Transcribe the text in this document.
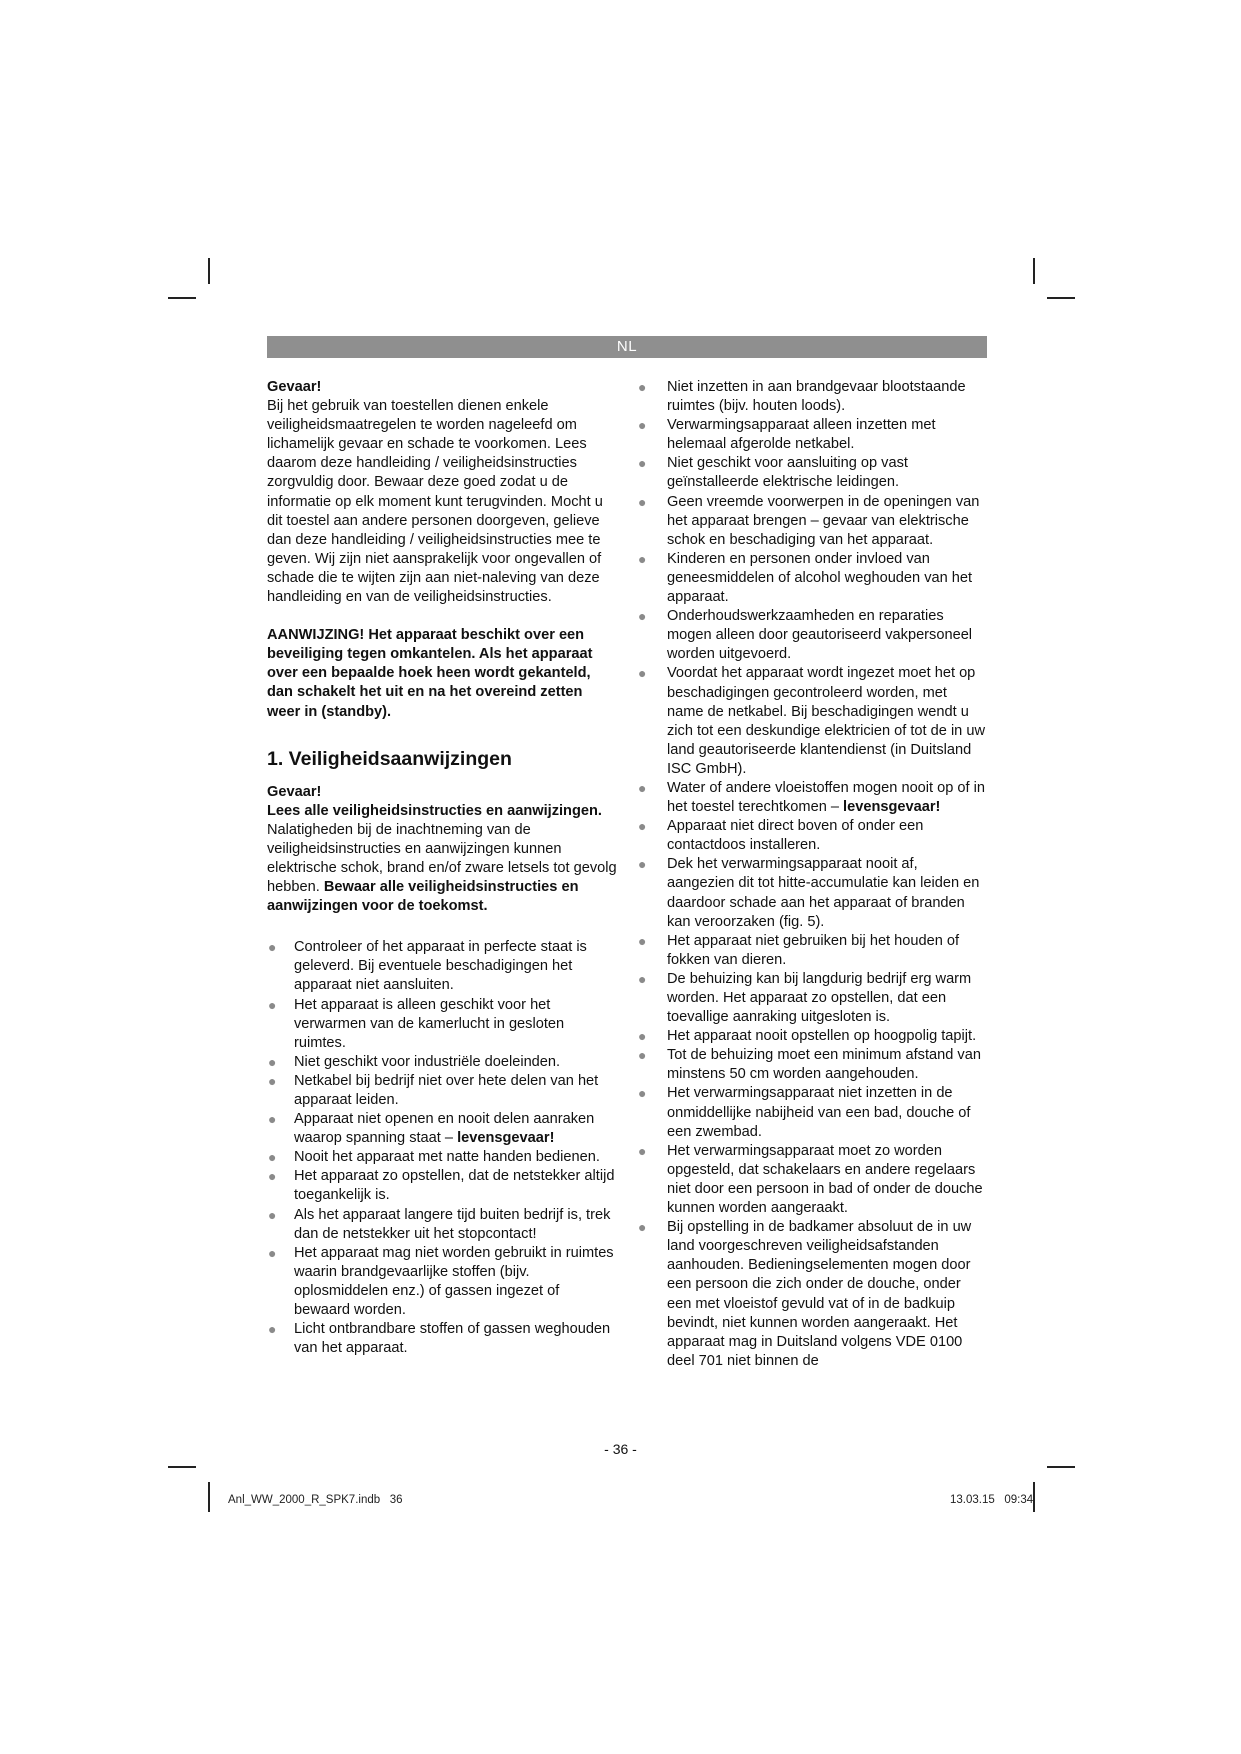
NL

Gevaar!

Bij het gebruik van toestellen dienen enkele veiligheidsmaatregelen te worden nageleefd om lichamelijk gevaar en schade te voorkomen. Lees daarom deze handleiding / veiligheidsinstructies zorgvuldig door. Bewaar deze goed zodat u de informatie op elk moment kunt terugvinden. Mocht u dit toestel aan andere personen doorgeven, gelieve dan deze handleiding / veiligheidsinstructies mee te geven. Wij zijn niet aansprakelijk voor ongevallen of schade die te wijten zijn aan niet-naleving van deze handleiding en van de veiligheidsinstructies.

AANWIJZING! Het apparaat beschikt over een beveiliging tegen omkantelen. Als het apparaat over een bepaalde hoek heen wordt gekanteld, dan schakelt het uit en na het overeind zetten weer in (standby).

1. Veiligheidsaanwijzingen

Gevaar!

Lees alle veiligheidsinstructies en aanwijzingen. Nalatigheden bij de inachtneming van de veiligheidsinstructies en aanwijzingen kunnen elektrische schok, brand en/of zware letsels tot gevolg hebben. Bewaar alle veiligheidsinstructies en aanwijzingen voor de toekomst.

● Controleer of het apparaat in perfecte staat is geleverd. Bij eventuele beschadigingen het apparaat niet aansluiten.
● Het apparaat is alleen geschikt voor het verwarmen van de kamerlucht in gesloten ruimtes.
● Niet geschikt voor industriële doeleinden.
● Netkabel bij bedrijf niet over hete delen van het apparaat leiden.
● Apparaat niet openen en nooit delen aanraken waarop spanning staat – levensgevaar!
● Nooit het apparaat met natte handen bedienen.
● Het apparaat zo opstellen, dat de netstekker altijd toegankelijk is.
● Als het apparaat langere tijd buiten bedrijf is, trek dan de netstekker uit het stopcontact!
● Het apparaat mag niet worden gebruikt in ruimtes waarin brandgevaarlijke stoffen (bijv. oplosmiddelen enz.) of gassen ingezet of bewaard worden.
● Licht ontbrandbare stoffen of gassen weghouden van het apparaat.
● Niet inzetten in aan brandgevaar blootstaande ruimtes (bijv. houten loods).
● Verwarmingsapparaat alleen inzetten met helemaal afgerolde netkabel.
● Niet geschikt voor aansluiting op vast geïnstalleerde elektrische leidingen.
● Geen vreemde voorwerpen in de openingen van het apparaat brengen – gevaar van elektrische schok en beschadiging van het apparaat.
● Kinderen en personen onder invloed van geneesmiddelen of alcohol weghouden van het apparaat.
● Onderhoudswerkzaamheden en reparaties mogen alleen door geautoriseerd vakpersoneel worden uitgevoerd.
● Voordat het apparaat wordt ingezet moet het op beschadigingen gecontroleerd worden, met name de netkabel. Bij beschadigingen wendt u zich tot een deskundige elektricien of tot de in uw land geautoriseerde klantendienst (in Duitsland ISC GmbH).
● Water of andere vloeistoffen mogen nooit op of in het toestel terechtkomen – levensgevaar!
● Apparaat niet direct boven of onder een contactdoos installeren.
● Dek het verwarmingsapparaat nooit af, aangezien dit tot hitte-accumulatie kan leiden en daardoor schade aan het apparaat of branden kan veroorzaken (fig. 5).
● Het apparaat niet gebruiken bij het houden of fokken van dieren.
● De behuizing kan bij langdurig bedrijf erg warm worden. Het apparaat zo opstellen, dat een toevallige aanraking uitgesloten is.
● Het apparaat nooit opstellen op hoogpolig tapijt.
● Tot de behuizing moet een minimum afstand van minstens 50 cm worden aangehouden.
● Het verwarmingsapparaat niet inzetten in de onmiddellijke nabijheid van een bad, douche of een zwembad.
● Het verwarmingsapparaat moet zo worden opgesteld, dat schakelaars en andere regelaars niet door een persoon in bad of onder de douche kunnen worden aangeraakt.
● Bij opstelling in de badkamer absoluut de in uw land voorgeschreven veiligheidsafstanden aanhouden. Bedieningselementen mogen door een persoon die zich onder de douche, onder een met vloeistof gevuld vat of in de badkuip bevindt, niet kunnen worden aangeraakt. Het apparaat mag in Duitsland volgens VDE 0100 deel 701 niet binnen de
- 36 -
Anl_WW_2000_R_SPK7.indb   36	13.03.15   09:34
